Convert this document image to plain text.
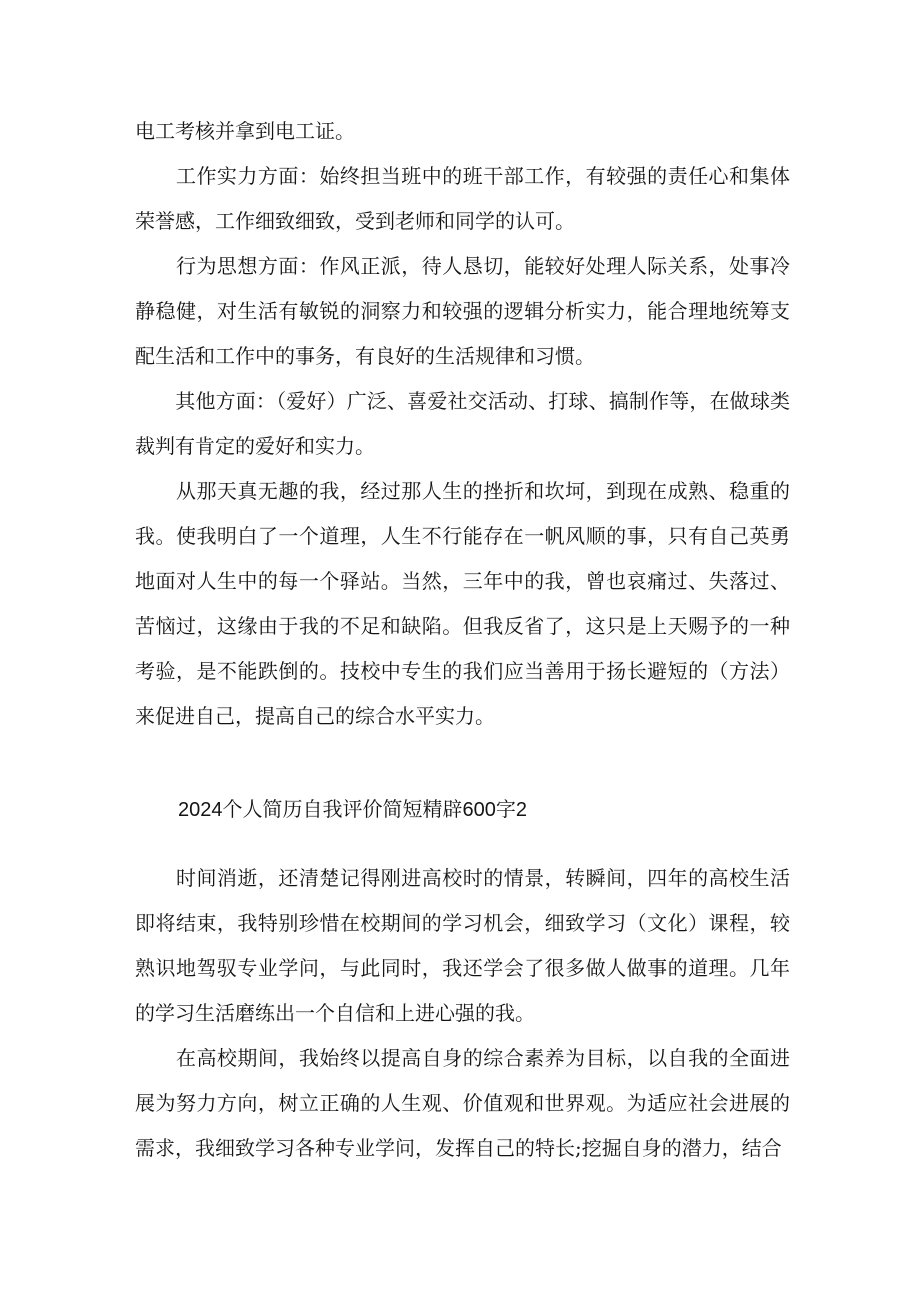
电工考核并拿到电工证。

　　工作实力方面：始终担当班中的班干部工作，有较强的责任心和集体荣誉感，工作细致细致，受到老师和同学的认可。

　　行为思想方面：作风正派，待人恳切，能较好处理人际关系，处事冷静稳健，对生活有敏锐的洞察力和较强的逻辑分析实力，能合理地统筹支配生活和工作中的事务，有良好的生活规律和习惯。

　　其他方面：（爱好）广泛、喜爱社交活动、打球、搞制作等，在做球类裁判有肯定的爱好和实力。

　　从那天真无趣的我，经过那人生的挫折和坎坷，到现在成熟、稳重的我。使我明白了一个道理，人生不行能存在一帆风顺的事，只有自己英勇地面对人生中的每一个驿站。当然，三年中的我，曾也哀痛过、失落过、苦恼过，这缘由于我的不足和缺陷。但我反省了，这只是上天赐予的一种考验，是不能跌倒的。技校中专生的我们应当善用于扬长避短的（方法）来促进自己，提高自己的综合水平实力。

2024个人简历自我评价简短精辟600字2

　　时间消逝，还清楚记得刚进高校时的情景，转瞬间，四年的高校生活即将结束，我特别珍惜在校期间的学习机会，细致学习（文化）课程，较熟识地驾驭专业学问，与此同时，我还学会了很多做人做事的道理。几年的学习生活磨练出一个自信和上进心强的我。

　　在高校期间，我始终以提高自身的综合素养为目标，以自我的全面进展为努力方向，树立正确的人生观、价值观和世界观。为适应社会进展的需求，我细致学习各种专业学问，发挥自己的特长;挖掘自身的潜力，结合
